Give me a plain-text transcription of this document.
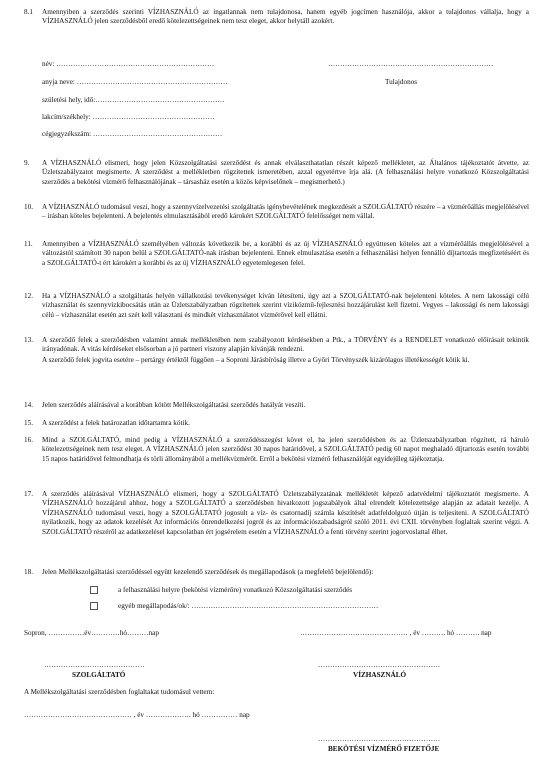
8.1	Amennyiben a szerződés szerinti VÍZHASZNÁLÓ az ingatlannak nem tulajdonosa, hanem egyéb jogcímen használója, akkor a tulajdonos vállalja, hogy a VÍZHASZNÁLÓ jelen szerződésből eredő kötelezettségeinek nem tesz eleget, akkor helytáll azokért.
név: …………………………………………………………	……………………………………………………………
anyja neve: ………………………………………………………	Tulajdonos
születési hely, idő:………………………………………………
lakcím/székhely: ……………………………………………
cégjegyzékszám: ………………………………………………
9.	A VÍZHASZNÁLÓ elismeri, hogy jelen Közszolgáltatási szerződést és annak elválaszthatatlan részét képező mellékletet, az Általános tájékoztatót átvette, az Üzletszabályzatot megismerte. A szerződést a mellékletben rögzítettek ismeretében, azzal egyetértve írja alá. (A felhasználási helyre vonatkozó Közszolgáltatási szerződés a bekötési vízmérő felhasználójának – társasház esetén a közös képviselőnek – megismerhető.)
10.	A VÍZHASZNÁLÓ tudomásul veszi, hogy a szennyvízelvezetési szolgáltatás igénybevételének megkezdését a SZOLGÁLTATÓ részére – a vízmérőállás megjelölésével – írásban köteles bejelenteni. A bejelentés elmulasztásából eredő károkért SZOLGÁLTATÓ felelősséget nem vállal.
11.	Amennyiben a VÍZHASZNÁLÓ személyében változás következik be, a korábbi és az új VÍZHASZNÁLÓ együttesen köteles azt a vízmérőállás megjelölésével a változástól számított 30 napon belül a SZOLGÁLTATÓ-nak írásban bejelenteni. Ennek elmulasztása esetén a felhasználási helyen fennálló díjtartozás megfizetéséért és a SZOLGÁLTATÓ-t ért károkért a korábbi és az új VÍZHASZNÁLÓ egyetemlegesen felel.
12.	Ha a VÍZHASZNÁLÓ a szolgáltatás helyén vállalkozási tevékenységet kíván létesíteni, úgy azt a SZOLGÁLTATÓ-nak bejelenteni köteles. A nem lakossági célú vízhasználat és szennyvízkibocsátás után az Üzletszabályzatban rögzítettek szerint víziközmű-fejlesztési hozzájárulást kell fizetni. Vegyes – lakossági és nem lakossági célú – vízhasználat esetén azt szét kell választani és mindkét vízhasználatot vízmérővel kell ellátni.
13.	A szerződő felek a szerződésben valamint annak mellékletében nem szabályozott kérdésekben a Ptk., a TÖRVÉNY és a RENDELET vonatkozó előírásait tekintik irányadónak. A vitás kérdéseket elsősorban a jó partneri viszony alapján kívánják rendezni.
A szerződő felek jogvita esetére – pertárgy értéktől függően – a Soproni Járásbíróság illetve a Győri Törvényszék kizárólagos illetékességét kötik ki.
14.	Jelen szerződés aláírásával a korábban kötött Mellékszolgáltatási szerződés hatályát veszíti.
15.	A szerződést a felek határozatlan időtartamra kötik.
16.	Mind a SZOLGÁLTATÓ, mind pedig a VÍZHASZNÁLÓ a szerződésszegést követ el, ha jelen szerződésben és az Üzletszabályzatban rögzített, rá háruló kötelezettségeinek nem tesz eleget. A VÍZHASZNÁLÓ jelen szerződést 30 napos határidővel, a SZOLGÁLTATÓ pedig 60 napot meghaladó díjtartozás esetén további 15 napos határidővel felmondhatja és törli állományából a mellékvízmérőt. Erről a bekötési vízmérő felhasználóját egyidejűleg tájékoztatja.
17.	A szerződés aláírásával VÍZHASZNÁLÓ elismeri, hogy a SZOLGÁLTATÓ Üzletszabályzatának mellékletét képező adatvédelmi tájékoztatót megismerte. A VÍZHASZNÁLÓ hozzájárul ahhoz, hogy a SZOLGÁLTATÓ a szerződésben hivatkozott jogszabályok által elrendelt kötelezettsége alapján az adatait kezelje. A VÍZHASZNÁLÓ tudomásul veszi, hogy a SZOLGÁLTATÓ jogosult a víz- és csatornadíj számla készítését adatfeldolgozó útján is teljesíteni. A SZOLGÁLTATÓ nyilatkozik, hogy az adatok kezelését Az információs önrendelkezési jogról és az információszabadságról szóló 2011. évi CXII. törvényben foglaltak szerint végzi. A SZOLGÁLTATÓ részéről az adatkezelésel kapcsolatban ért jogsérelem esetén a VÍZHASZNÁLÓ a fenti törvény szerint jogorvoslattal élhet.
18.	Jelen Mellékszolgáltatási szerződéssel együtt kezelendő szerződések és megállapodások (a megfelelő bejelölendő):
a felhasználási helyre (bekötési vízmérőre) vonatkozó Közszolgáltatási szerződés
egyéb megállapodás/ok/: ……………………………………………………………………
Sopron, ……………év…………hó………nap	……………………………………… , év ………. hó ………. nap
……………………………………
SZOLGÁLTATÓ
……………………………………………
VÍZHASZNÁLÓ
A Mellékszolgáltatási szerződésben foglaltakat tudomásul vettem:
……………………………………… , év ………………. hó …………… nap
……………………………………………
BEKÖTÉSI VÍZMÉRŐ FIZETŐJE
